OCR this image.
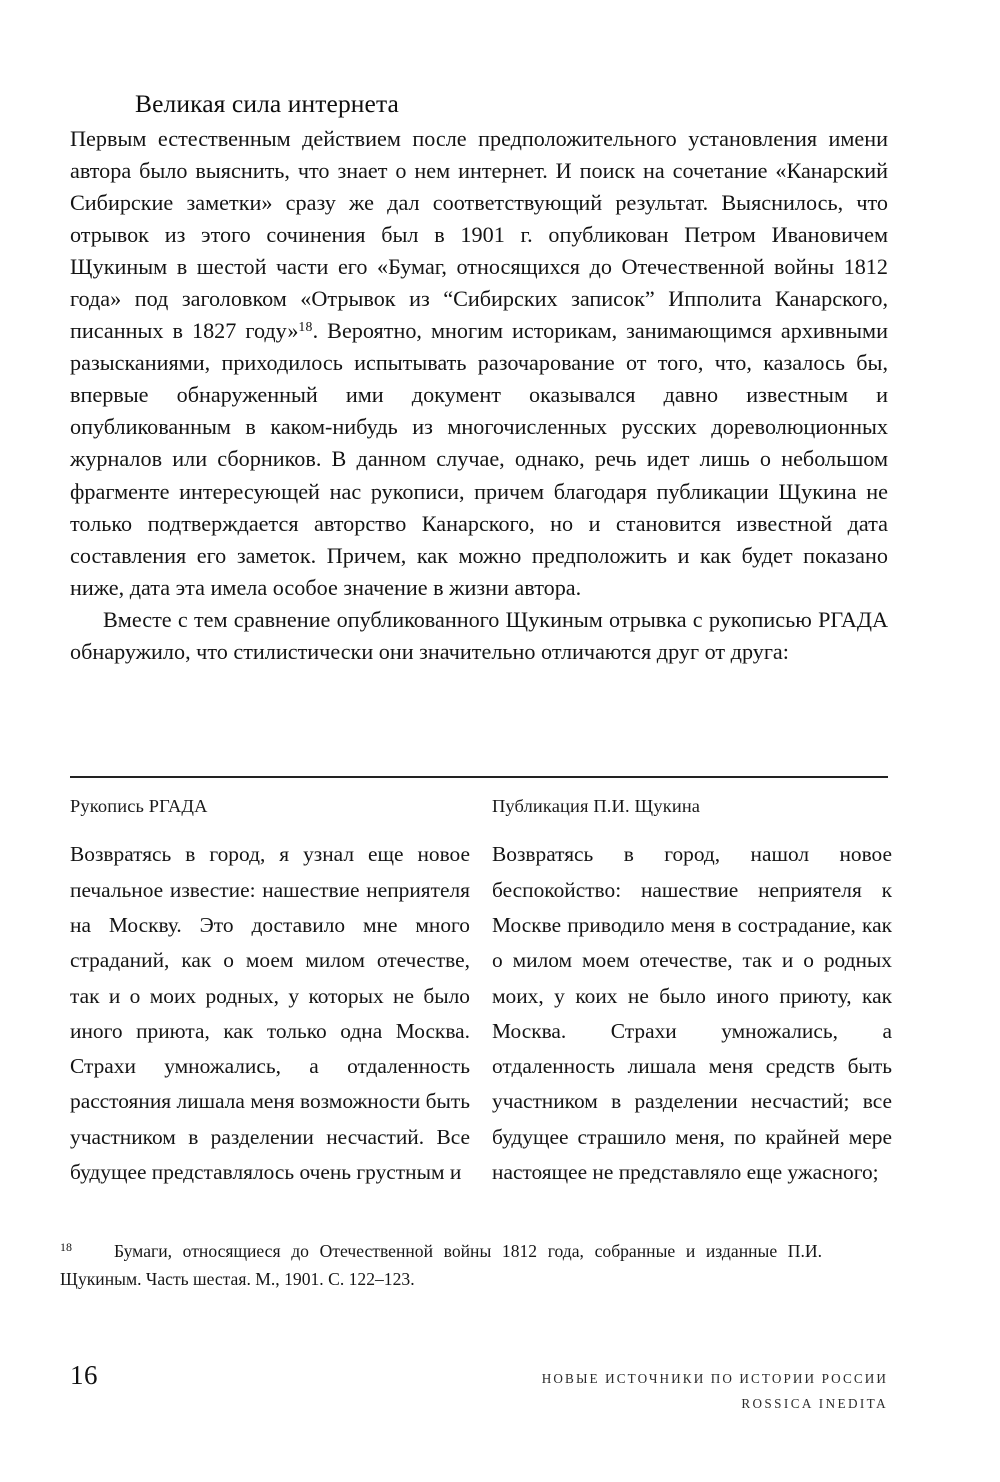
Великая сила интернета

Первым естественным действием после предположительного установления имени автора было выяснить, что знает о нем интернет. И поиск на сочетание «Канарский Сибирские заметки» сразу же дал соответствующий результат. Выяснилось, что отрывок из этого сочинения был в 1901 г. опубликован Петром Ивановичем Щукиным в шестой части его «Бумаг, относящихся до Отечественной войны 1812 года» под заголовком «Отрывок из “Сибирских записок” Ипполита Канарского, писанных в 1827 году»$^{18}$. Вероятно, многим историкам, занимающимся архивными разысканиями, приходилось испытывать разочарование от того, что, казалось бы, впервые обнаруженный ими документ оказывался давно известным и опубликованным в каком-нибудь из многочисленных русских дореволюционных журналов или сборников. В данном случае, однако, речь идет лишь о небольшом фрагменте интересующей нас рукописи, причем благодаря публикации Щукина не только подтверждается авторство Канарского, но и становится известной дата составления его заметок. Причем, как можно предположить и как будет показано ниже, дата эта имела особое значение в жизни автора.

Вместе с тем сравнение опубликованного Щукиным отрывка с рукописью РГАДА обнаружило, что стилистически они значительно отличаются друг от друга:

Рукопись РГАДА	Публикация П.И. Щукина

Возвратясь в город, я узнал еще новое печальное известие: нашествие неприятеля на Москву. Это доставило мне много страданий, как о моем милом отечестве, так и о моих родных, у которых не было иного приюта, как только одна Москва. Страхи умножались, а отдаленность расстояния лишала меня возможности быть участником в разделении несчастий. Все будущее представлялось очень грустным и

Возвратясь в город, нашол новое беспокойство: нашествие неприятеля к Москве приводило меня в сострадание, как о милом моем отечестве, так и о родных моих, у коих не было иного приюту, как Москва. Страхи умножались, а отдаленность лишала меня средств быть участником в разделении несчастий; все будущее страшило меня, по крайней мере настоящее не представляло еще ужасного;

$^{18}$ Бумаги, относящиеся до Отечественной войны 1812 года, собранные и изданные П.И. Щукиным. Часть шестая. М., 1901. С. 122–123.

16	НОВЫЕ ИСТОЧНИКИ ПО ИСТОРИИ РОССИИ
ROSSICA INEDITA
